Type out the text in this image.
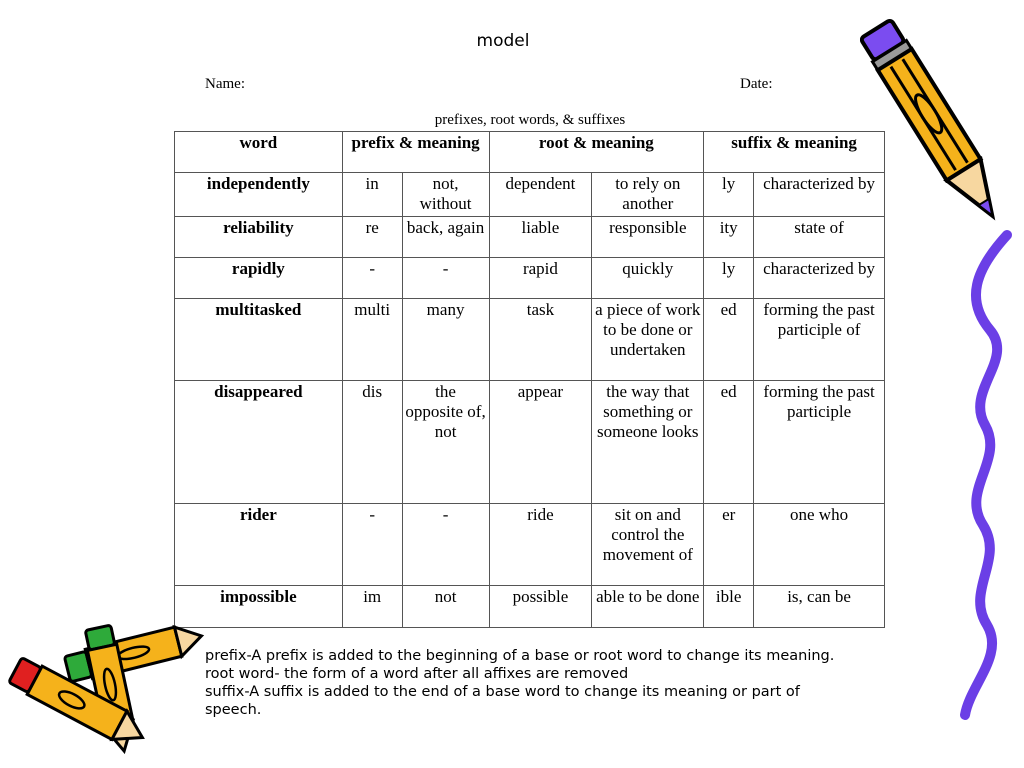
model
Name:	Date:
prefixes, root words, & suffixes
word	prefix & meaning		root & meaning		suffix & meaning	
independently	in	not, without	dependent	to rely on another	ly	characterized by
reliability	re	back, again	liable	responsible	ity	state of
rapidly	-	-	rapid	quickly	ly	characterized by
multitasked	multi	many	task	a piece of work to be done or undertaken	ed	forming the past participle of
disappeared	dis	the opposite of, not	appear	the way that something or someone looks	ed	forming the past participle
rider	-	-	ride	sit on and control the movement of	er	one who
impossible	im	not	possible	able to be done	ible	is, can be
prefix-A prefix is added to the beginning of a base or root word to change its meaning.
root word- the form of a word after all affixes are removed
suffix-A suffix is added to the end of a base word to change its meaning or part of speech.
